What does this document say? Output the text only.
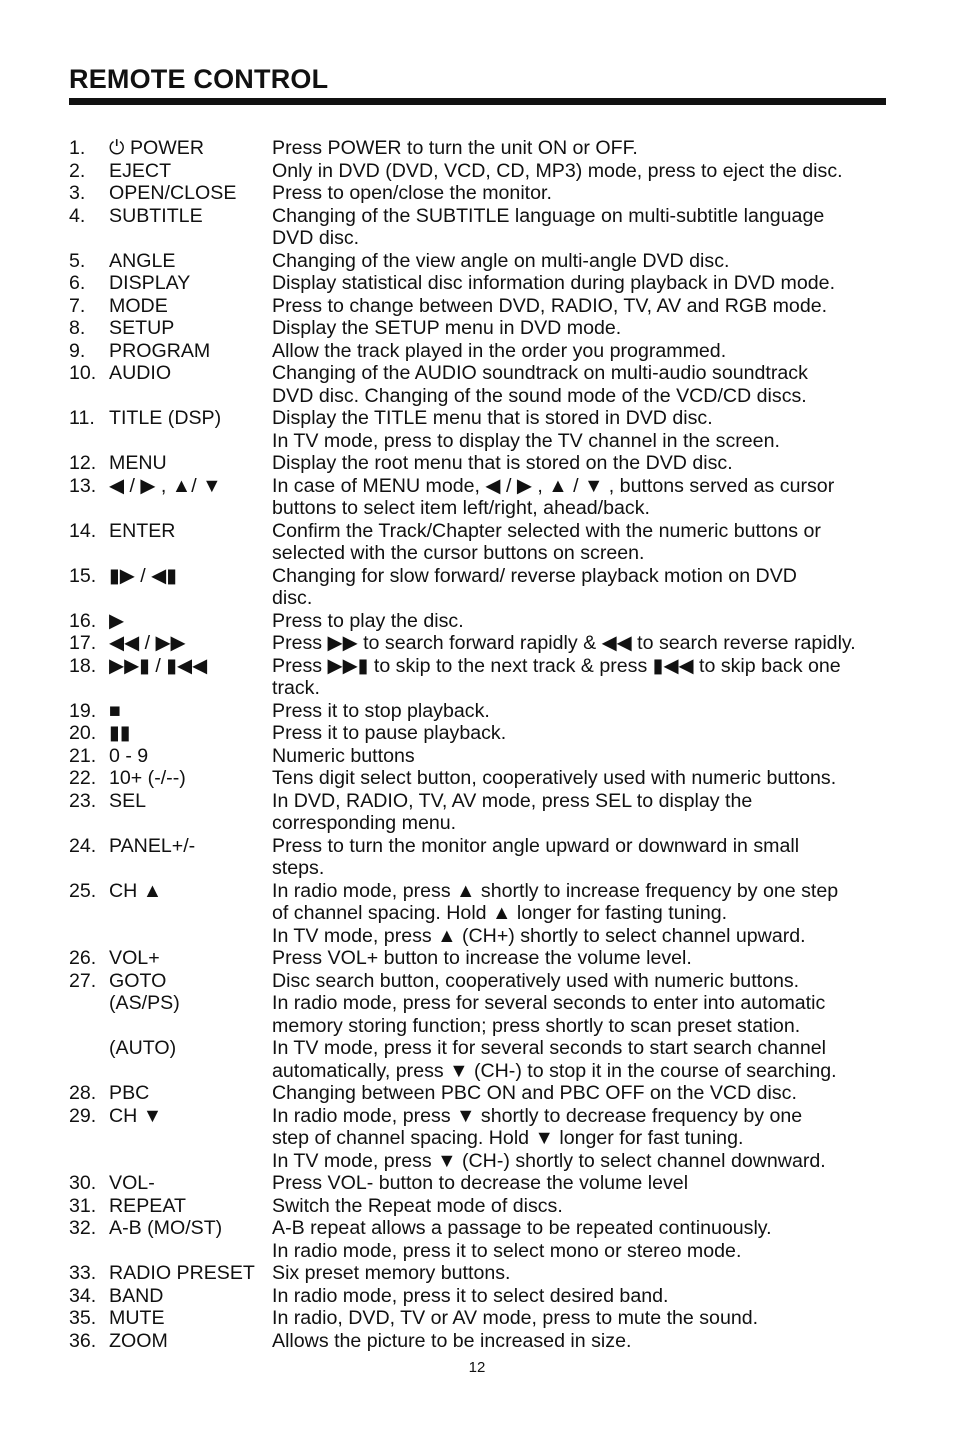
REMOTE CONTROL
1. ⏻ POWER	Press POWER to turn the unit ON or OFF.
2. EJECT	Only in DVD (DVD, VCD, CD, MP3) mode, press to eject the disc.
3. OPEN/CLOSE Press to open/close the monitor.
4. SUBTITLE	Changing of the SUBTITLE language on multi-subtitle language
DVD disc.
5. ANGLE	Changing of the view angle on multi-angle DVD disc.
6. DISPLAY	Display statistical disc information during playback in DVD mode.
7. MODE	Press to change between DVD, RADIO, TV, AV and RGB mode.
8. SETUP	Display the SETUP menu in DVD mode.
9. PROGRAM	Allow the track played in the order you programmed.
10. AUDIO	Changing of the AUDIO soundtrack on multi-audio soundtrack
DVD disc. Changing of the sound mode of the VCD/CD discs.
11. TITLE (DSP)	Display the TITLE menu that is stored in DVD disc.
In TV mode, press to display the TV channel in the screen.
12. MENU	Display the root menu that is stored on the DVD disc.
13. ◀ / ▶ , ▲/ ▼	In case of MENU mode, ◀ / ▶ , ▲ / ▼ , buttons served as cursor
buttons to select item left/right, ahead/back.
14. ENTER	Confirm the Track/Chapter selected with the numeric buttons or
selected with the cursor buttons on screen.
15. ▮▶ / ◀▮	Changing for slow forward/ reverse playback motion on DVD
disc.
16. ▶	Press to play the disc.
17. ◀◀ / ▶▶	Press ▶▶ to search forward rapidly & ◀◀ to search reverse rapidly.
18. ▶▶▮ / ▮◀◀	Press ▶▶▮ to skip to the next track & press ▮◀◀ to skip back one
track.
19. ■	Press it to stop playback.
20. ▮▮	Press it to pause playback.
21. 0 - 9	Numeric buttons
22. 10+ (-/--)	Tens digit select button, cooperatively used with numeric buttons.
23. SEL	In DVD, RADIO, TV, AV mode, press SEL to display the
corresponding menu.
24. PANEL+/-	Press to turn the monitor angle upward or downward in small
steps.
25. CH ▲	In radio mode, press ▲ shortly to increase frequency by one step
of channel spacing. Hold ▲ longer for fasting tuning.
In TV mode, press ▲ (CH+) shortly to select channel upward.
26. VOL+	Press VOL+ button to increase the volume level.
27. GOTO	Disc search button, cooperatively used with numeric buttons.
(AS/PS)	In radio mode, press for several seconds to enter into automatic
memory storing function; press shortly to scan preset station.
(AUTO)	In TV mode, press it for several seconds to start search channel
automatically, press ▼ (CH-) to stop it in the course of searching.
28. PBC	Changing between PBC ON and PBC OFF on the VCD disc.
29. CH ▼	In radio mode, press ▼ shortly to decrease frequency by one
step of channel spacing. Hold ▼ longer for fast tuning.
In TV mode, press ▼ (CH-) shortly to select channel downward.
30. VOL-	Press VOL- button to decrease the volume level
31. REPEAT	Switch the Repeat mode of discs.
32. A-B (MO/ST)	A-B repeat allows a passage to be repeated continuously.
In radio mode, press it to select mono or stereo mode.
33. RADIO PRESET Six preset memory buttons.
34. BAND	In radio mode, press it to select desired band.
35. MUTE	In radio, DVD, TV or AV mode, press to mute the sound.
36. ZOOM	Allows the picture to be increased in size.
12
